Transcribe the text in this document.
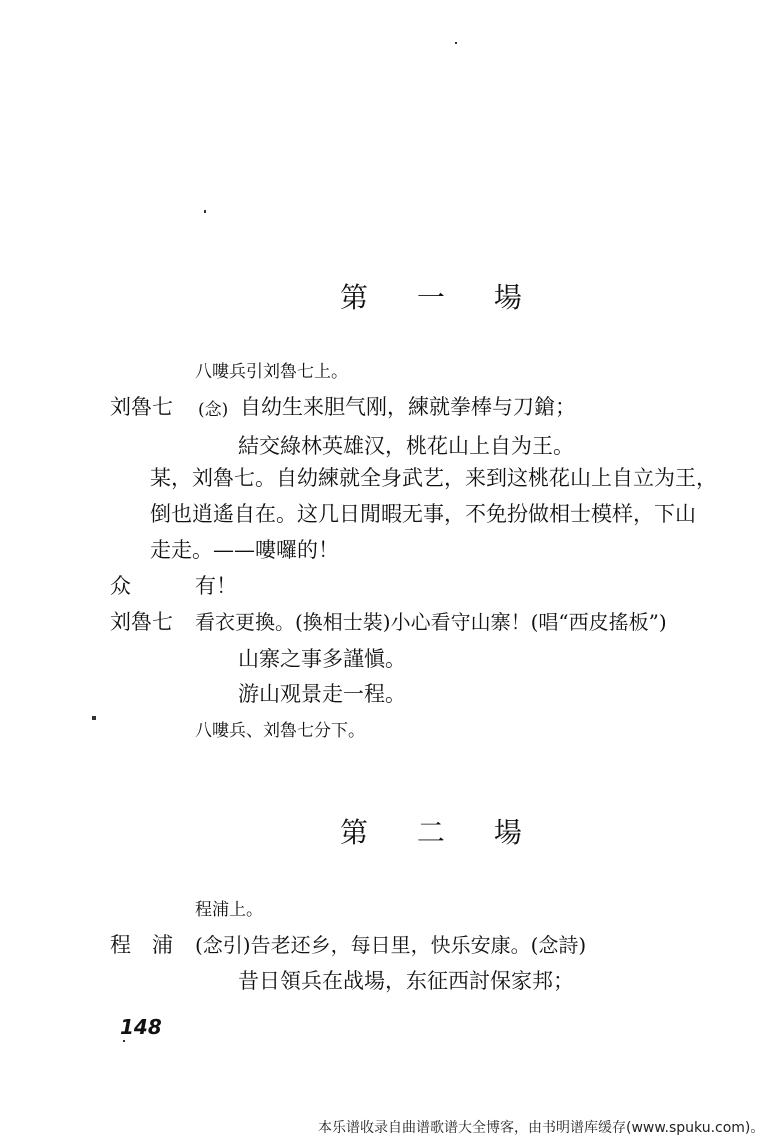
第 一 場
八嘍兵引刘魯七上。
刘魯七 (念) 自幼生来胆气刚，練就拳棒与刀鎗；
結交綠林英雄汉，桃花山上自为王。
某，刘魯七。自幼練就全身武艺，来到这桃花山上自立为王，
倒也逍遙自在。这几日閒暇无事，不免扮做相士模样，下山
走走。——嘍囉的！
众	有！
刘魯七 看衣更換。(換相士裝)小心看守山寨！(唱“西皮搖板”)
山寨之事多謹愼。
游山观景走一程。
八嘍兵、刘魯七分下。
第 二 場
程浦上。
程　浦 (念引)告老还乡，每日里，快乐安康。(念詩)
昔日領兵在战場，东征西討保家邦；
148
本乐谱收录自曲谱歌谱大全博客，由书明谱库缓存(www.spuku.com)。
